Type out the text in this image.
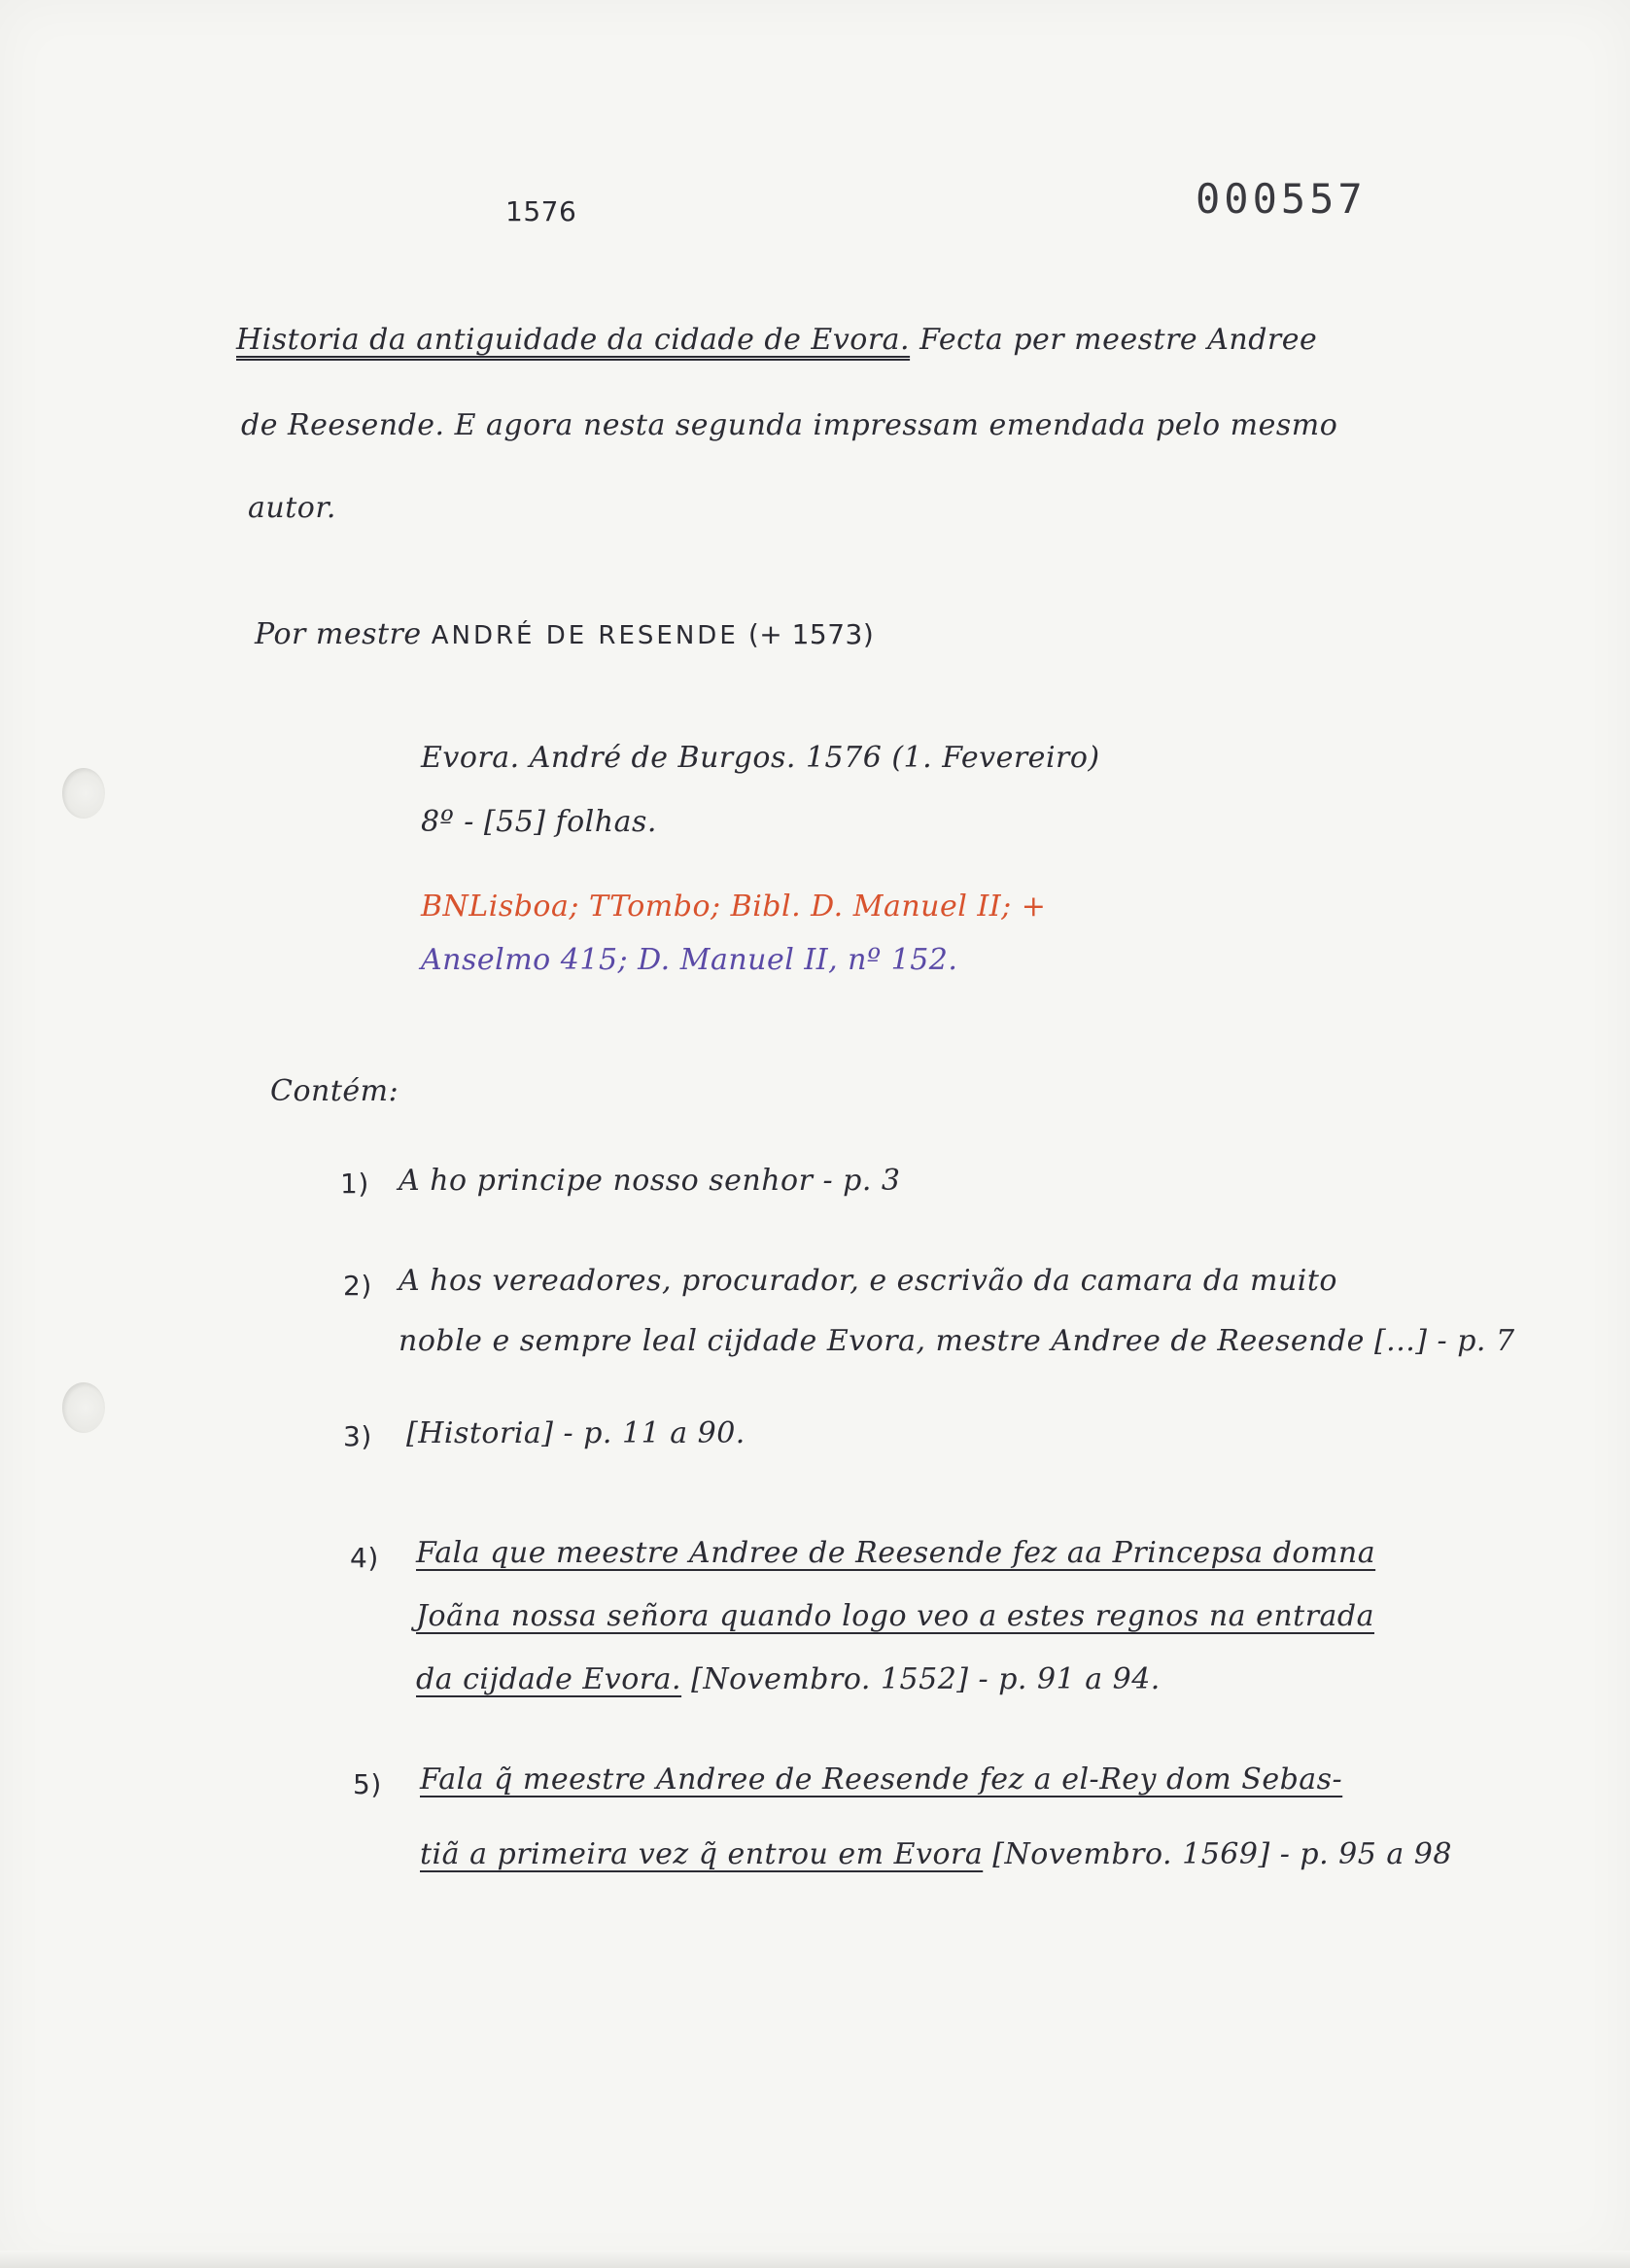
1576	000557
Historia da antiguidade da cidade de Evora. Fecta per meestre Andree
de Reesende. E agora nesta segunda impressam emendada pelo mesmo
autor.
Por mestre ANDRÉ DE RESENDE (+ 1573)
Evora. André de Burgos. 1576 (1. Fevereiro)
8º - [55] folhas.
BNLisboa; TTombo; Bibl. D. Manuel II; +
Anselmo 415; D. Manuel II, nº 152.
Contém:
1) A ho principe nosso senhor - p. 3
2) A hos vereadores, procurador, e escrivão da camara da muito
noble e sempre leal cijdade Evora, mestre Andree de Reesende [...] - p. 7
3) [Historia] - p. 11 a 90.
4) Fala que meestre Andree de Reesende fez aa Princepsa domna
Joãna nossa señora quando logo veo a estes regnos na entrada
da cijdade Evora. [Novembro. 1552] - p. 91 a 94.
5) Fala q̃ meestre Andree de Reesende fez a el-Rey dom Sebas-
tiã a primeira vez q̃ entrou em Evora [Novembro. 1569] - p. 95 a 98
